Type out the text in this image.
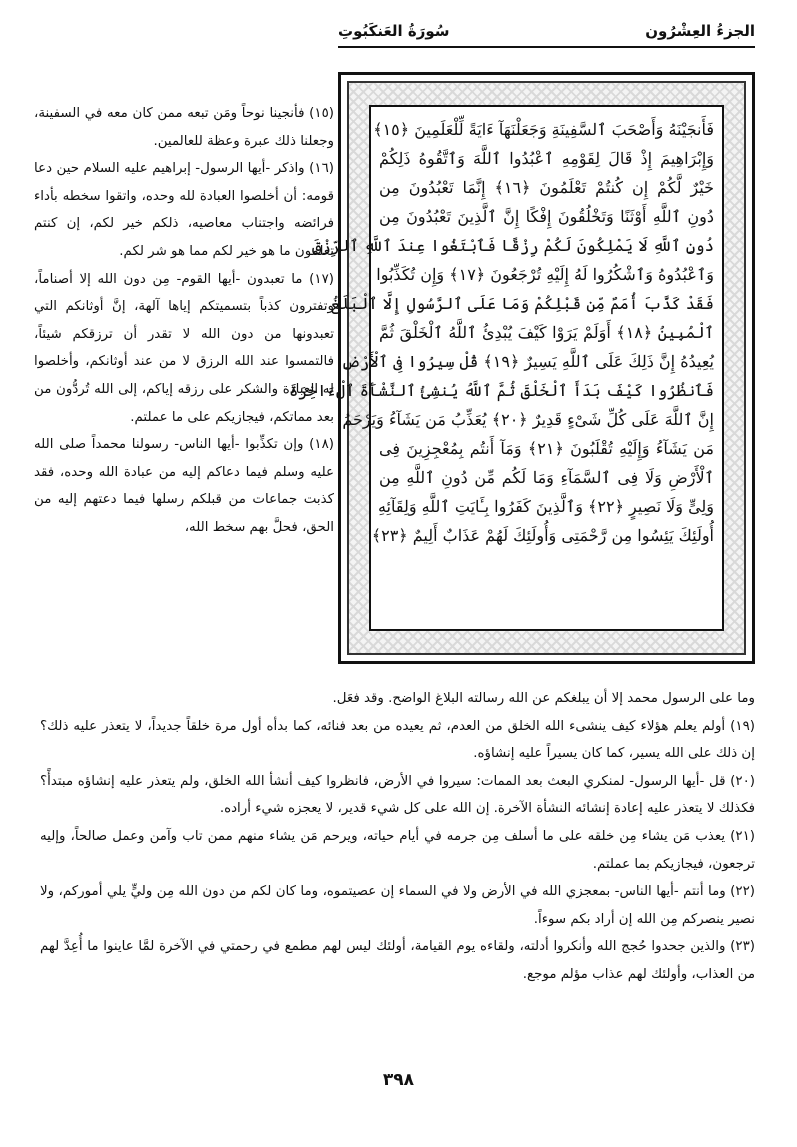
الجزءُ العِشْرُون
سُورَةُ العَنكَبُوتِ
فَأَنجَيْنَهُ وَأَصْحَبَ ٱلسَّفِينَةِ وَجَعَلْنَهَآ ءَايَةً لِّلْعَلَمِينَ ﴿١٥﴾
وَإِبْرَاهِيمَ إِذْ قَالَ لِقَوْمِهِ ٱعْبُدُوا ٱللَّهَ وَٱتَّقُوهُ ذَلِكُمْ
خَيْرٌ لَّكُمْ إِن كُنتُمْ تَعْلَمُونَ ﴿١٦﴾ إِنَّمَا تَعْبُدُونَ مِن
دُونِ ٱللَّهِ أَوْثَنًا وَتَخْلُقُونَ إِفْكًا إِنَّ ٱلَّذِينَ تَعْبُدُونَ مِن
دُونِ ٱللَّهِ لَا يَمْلِكُونَ لَكُمْ رِزْقًا فَٱبْتَغُوا عِندَ ٱللَّهِ ٱلرِّزْقَ
وَٱعْبُدُوهُ وَٱشْكُرُوا لَهُ إِلَيْهِ تُرْجَعُونَ ﴿١٧﴾ وَإِن تُكَذِّبُوا
فَقَدْ كَذَّبَ أُمَمٌ مِّن قَبْلِكُمْ وَمَا عَلَى ٱلرَّسُولِ إِلَّا ٱلْبَلَغُ
ٱلْمُبِينُ ﴿١٨﴾ أَوَلَمْ يَرَوْا كَيْفَ يُبْدِئُ ٱللَّهُ ٱلْخَلْقَ ثُمَّ
يُعِيدُهُ إِنَّ ذَلِكَ عَلَى ٱللَّهِ يَسِيرٌ ﴿١٩﴾ قُلْ سِيرُوا فِى ٱلْأَرْضِ
فَٱنظُرُوا كَيْفَ بَدَأَ ٱلْخَلْقَ ثُمَّ ٱللَّهُ يُنشِئُ ٱلنَّشْأَةَ ٱلْءَاخِرَةَ
إِنَّ ٱللَّهَ عَلَى كُلِّ شَىْءٍ قَدِيرٌ ﴿٢٠﴾ يُعَذِّبُ مَن يَشَآءُ وَيَرْحَمُ
مَن يَشَآءُ وَإِلَيْهِ تُقْلَبُونَ ﴿٢١﴾ وَمَآ أَنتُم بِمُعْجِزِينَ فِى
ٱلْأَرْضِ وَلَا فِى ٱلسَّمَآءِ وَمَا لَكُم مِّن دُونِ ٱللَّهِ مِن
وَلِىٍّ وَلَا نَصِيرٍ ﴿٢٢﴾ وَٱلَّذِينَ كَفَرُوا بِـَٔايَتِ ٱللَّهِ وَلِقَآئِهِ
أُولَئِكَ يَئِسُوا مِن رَّحْمَتِى وَأُولَئِكَ لَهُمْ عَذَابٌ أَلِيمٌ ﴿٢٣﴾

(١٥) فأنجينا نوحاً ومَن تبعه ممن كان معه في السفينة، وجعلنا ذلك عبرة وعظة للعالمين.

(١٦) واذكر -أيها الرسول- إبراهيم عليه السلام حين دعا قومه: أن أخلصوا العبادة لله وحده، واتقوا سخطه بأداء فرائضه واجتناب معاصيه، ذلكم خير لكم، إن كنتم تعلمون ما هو خير لكم مما هو شر لكم.

(١٧) ما تعبدون -أيها القوم- مِن دون الله إلا أصناماً، وتفترون كذباً بتسميتكم إياها آلهة، إنَّ أوثانكم التي تعبدونها من دون الله لا تقدر أن ترزقكم شيئاً، فالتمسوا عند الله الرزق لا من عند أوثانكم، وأخلصوا له العبادة والشكر على رزقه إياكم، إلى الله تُردُّون من بعد مماتكم، فيجازيكم على ما عملتم.

(١٨) وإن تكذِّبوا -أيها الناس- رسولنا محمداً صلى الله عليه وسلم فيما دعاكم إليه من عبادة الله وحده، فقد كذبت جماعات من قبلكم رسلها فيما دعتهم إليه من الحق، فحلَّ بهم سخط الله،

وما على الرسول محمد إلا أن يبلغكم عن الله رسالته البلاغ الواضح. وقد فعَل.

(١٩) أولم يعلم هؤلاء كيف ينشىء الله الخلق من العدم، ثم يعيده من بعد فنائه، كما بدأه أول مرة خلقاً جديداً، لا يتعذر عليه ذلك؟ إن ذلك على الله يسير، كما كان يسيراً عليه إنشاؤه.

(٢٠) قل -أيها الرسول- لمنكري البعث بعد الممات: سيروا في الأرض، فانظروا كيف أنشأ الله الخلق، ولم يتعذر عليه إنشاؤه مبتدأً؟ فكذلك لا يتعذر عليه إعادة إنشائه النشأة الآخرة. إن الله على كل شيء قدير، لا يعجزه شيء أراده.

(٢١) يعذب مَن يشاء مِن خلقه على ما أسلف مِن جرمه في أيام حياته، ويرحم مَن يشاء منهم ممن تاب وآمن وعمل صالحاً، وإليه ترجعون، فيجازيكم بما عملتم.

(٢٢) وما أنتم -أيها الناس- بمعجزي الله في الأرض ولا في السماء إن عصيتموه، وما كان لكم من دون الله مِن وليٍّ يلي أموركم، ولا نصير ينصركم مِن الله إن أراد بكم سوءاً.

(٢٣) والذين جحدوا حُجج الله وأنكروا أدلته، ولقاءه يوم القيامة، أولئك ليس لهم مطمع في رحمتي في الآخرة لمَّا عاينوا ما أُعِدَّ لهم من العذاب، وأولئك لهم عذاب مؤلم موجع.

٣٩٨
